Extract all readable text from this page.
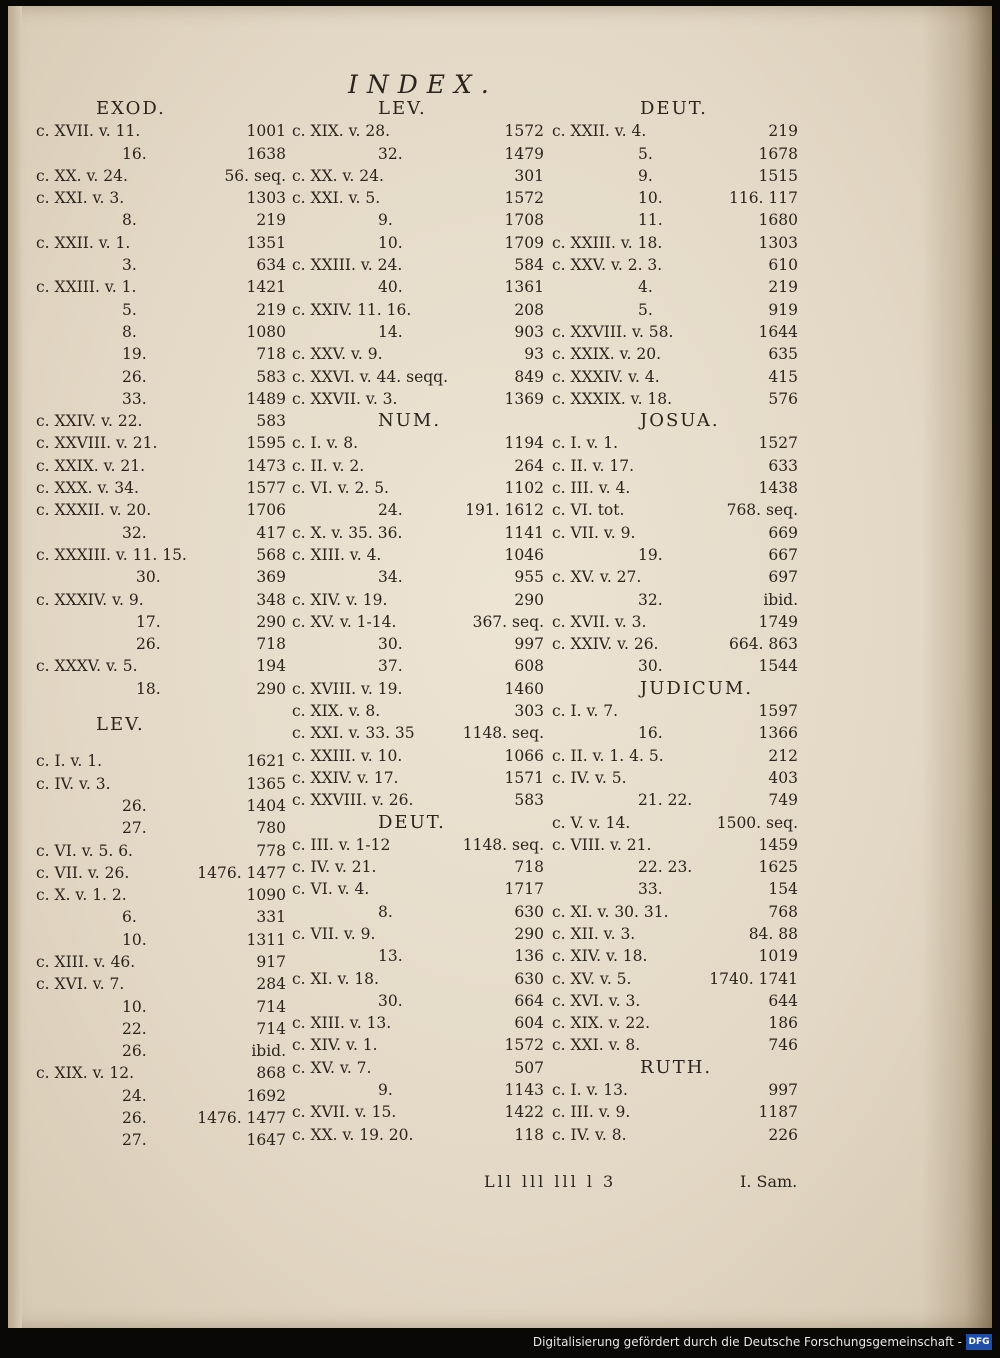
INDEX.
EXOD.
c. XVII. v. 11.	1001
16.	1638
c. XX. v. 24.	56. seq.
c. XXI. v. 3.	1303
8.	219
c. XXII. v. 1.	1351
3.	634
c. XXIII. v. 1.	1421
5.	219
8.	1080
19.	718
26.	583
33.	1489
c. XXIV. v. 22.	583
c. XXVIII. v. 21.	1595
c. XXIX. v. 21.	1473
c. XXX. v. 34.	1577
c. XXXII. v. 20.	1706
32.	417
c. XXXIII. v. 11. 15.	568
30.	369
c. XXXIV. v. 9.	348
17.	290
26.	718
c. XXXV. v. 5.	194
18.	290
LEV.
c. I. v. 1.	1621
c. IV. v. 3.	1365
26.	1404
27.	780
c. VI. v. 5. 6.	778
c. VII. v. 26.	1476. 1477
c. X. v. 1. 2.	1090
6.	331
10.	1311
c. XIII. v. 46.	917
c. XVI. v. 7.	284
10.	714
22.	714
26.	ibid.
c. XIX. v. 12.	868
24.	1692
26.	1476. 1477
27.	1647
LEV.
c. XIX. v. 28.	1572
32.	1479
c. XX. v. 24.	301
c. XXI. v. 5.	1572
9.	1708
10.	1709
c. XXIII. v. 24.	584
40.	1361
c. XXIV. 11. 16.	208
14.	903
c. XXV. v. 9.	93
c. XXVI. v. 44. seqq.	849
c. XXVII. v. 3.	1369
NUM.
c. I. v. 8.	1194
c. II. v. 2.	264
c. VI. v. 2. 5.	1102
24.	191. 1612
c. X. v. 35. 36.	1141
c. XIII. v. 4.	1046
34.	955
c. XIV. v. 19.	290
c. XV. v. 1-14.	367. seq.
30.	997
37.	608
c. XVIII. v. 19.	1460
c. XIX. v. 8.	303
c. XXI. v. 33. 35	1148. seq.
c. XXIII. v. 10.	1066
c. XXIV. v. 17.	1571
c. XXVIII. v. 26.	583
DEUT.
c. III. v. 1-12	1148. seq.
c. IV. v. 21.	718
c. VI. v. 4.	1717
8.	630
c. VII. v. 9.	290
13.	136
c. XI. v. 18.	630
30.	664
c. XIII. v. 13.	604
c. XIV. v. 1.	1572
c. XV. v. 7.	507
9.	1143
c. XVII. v. 15.	1422
c. XX. v. 19. 20.	118
DEUT.
c. XXII. v. 4.	219
5.	1678
9.	1515
10.	116. 117
11.	1680
c. XXIII. v. 18.	1303
c. XXV. v. 2. 3.	610
4.	219
5.	919
c. XXVIII. v. 58.	1644
c. XXIX. v. 20.	635
c. XXXIV. v. 4.	415
c. XXXIX. v. 18.	576
JOSUA.
c. I. v. 1.	1527
c. II. v. 17.	633
c. III. v. 4.	1438
c. VI. tot.	768. seq.
c. VII. v. 9.	669
19.	667
c. XV. v. 27.	697
32.	ibid.
c. XVII. v. 3.	1749
c. XXIV. v. 26.	664. 863
30.	1544
JUDICUM.
c. I. v. 7.	1597
16.	1366
c. II. v. 1. 4. 5.	212
c. IV. v. 5.	403
21. 22.	749
c. V. v. 14.	1500. seq.
c. VIII. v. 21.	1459
22. 23.	1625
33.	154
c. XI. v. 30. 31.	768
c. XII. v. 3.	84. 88
c. XIV. v. 18.	1019
c. XV. v. 5.	1740. 1741
c. XVI. v. 3.	644
c. XIX. v. 22.	186
c. XXI. v. 8.	746
RUTH.
c. I. v. 13.	997
c. III. v. 9.	1187
c. IV. v. 8.	226
Lll lll lll l 3	I. Sam.
Digitalisierung gefördert durch die Deutsche Forschungsgemeinschaft - DFG
